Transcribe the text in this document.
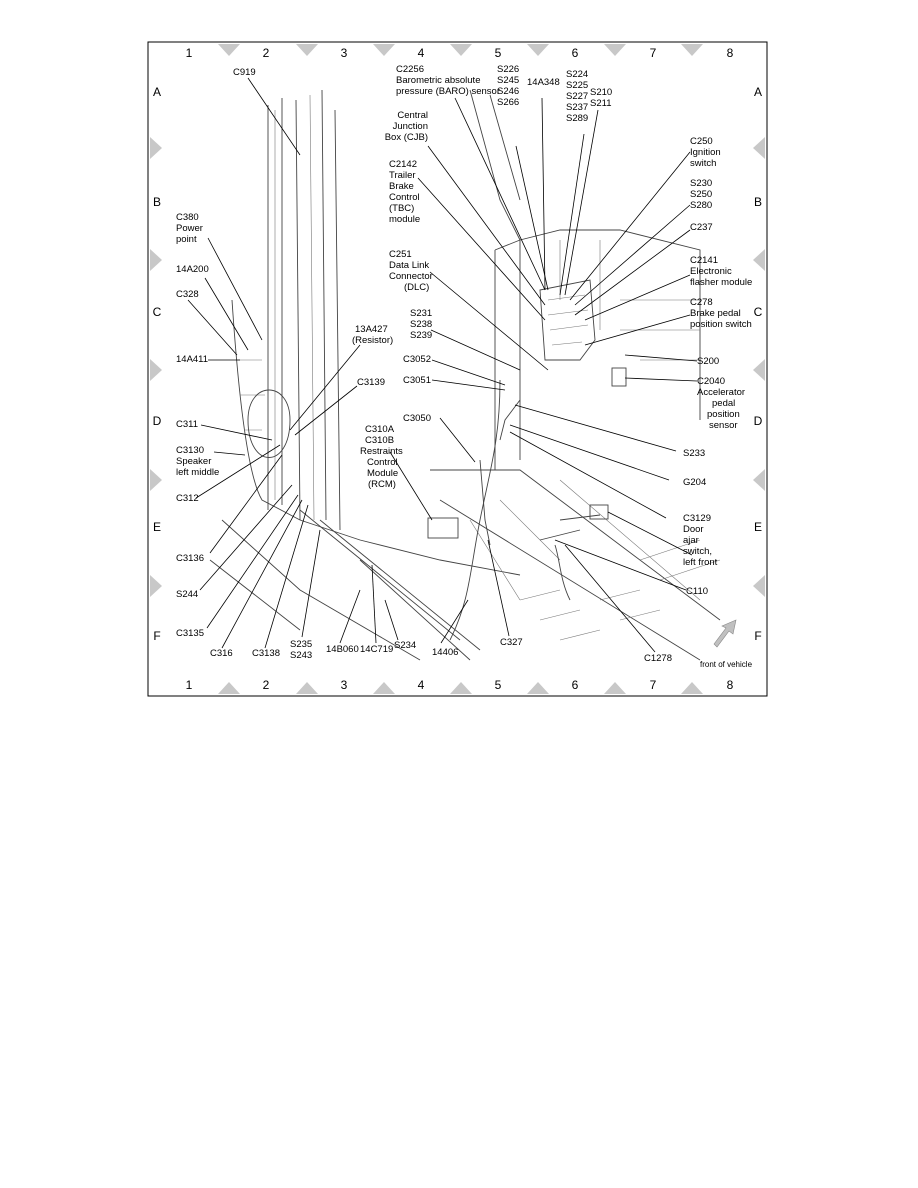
1	2	3	4	5	6	7	8
1	2	3	4	5	6	7	8
A
B
C
D
E
F
A
B
C
D
E
F
front of vehicle
C919	C2256
Barometric absolute
pressure (BARO) sensor
S226
S245
S246
S266
14A348
S224
S225
S227
S237
S289
S210
S211
Central
Junction
Box (CJB)	C250
Ignition
switch
C2142
Trailer
Brake
Control
(TBC)
module
S230
S250
S280
C237
C380
Power
point
14A200
C251
Data Link
Connector
(DLC)
C2141
Electronic
flasher module
C328
C278
Brake pedal
position switch
S231
S238
S239
13A427
(Resistor)
14A411	C3052	S200
C3051	C2040
Accelerator
pedal
position
sensor
C3139
C311
C3050
C310A
C310B
Restraints
Control
Module
(RCM)
C3130
Speaker
left middle
S233
G204
C312
C3129
Door
ajar
switch,
left front
C3136
S244	C110
C3135
C316 C3138
S235
S243
14B060 14C719 S234
14406
C327
C1278
